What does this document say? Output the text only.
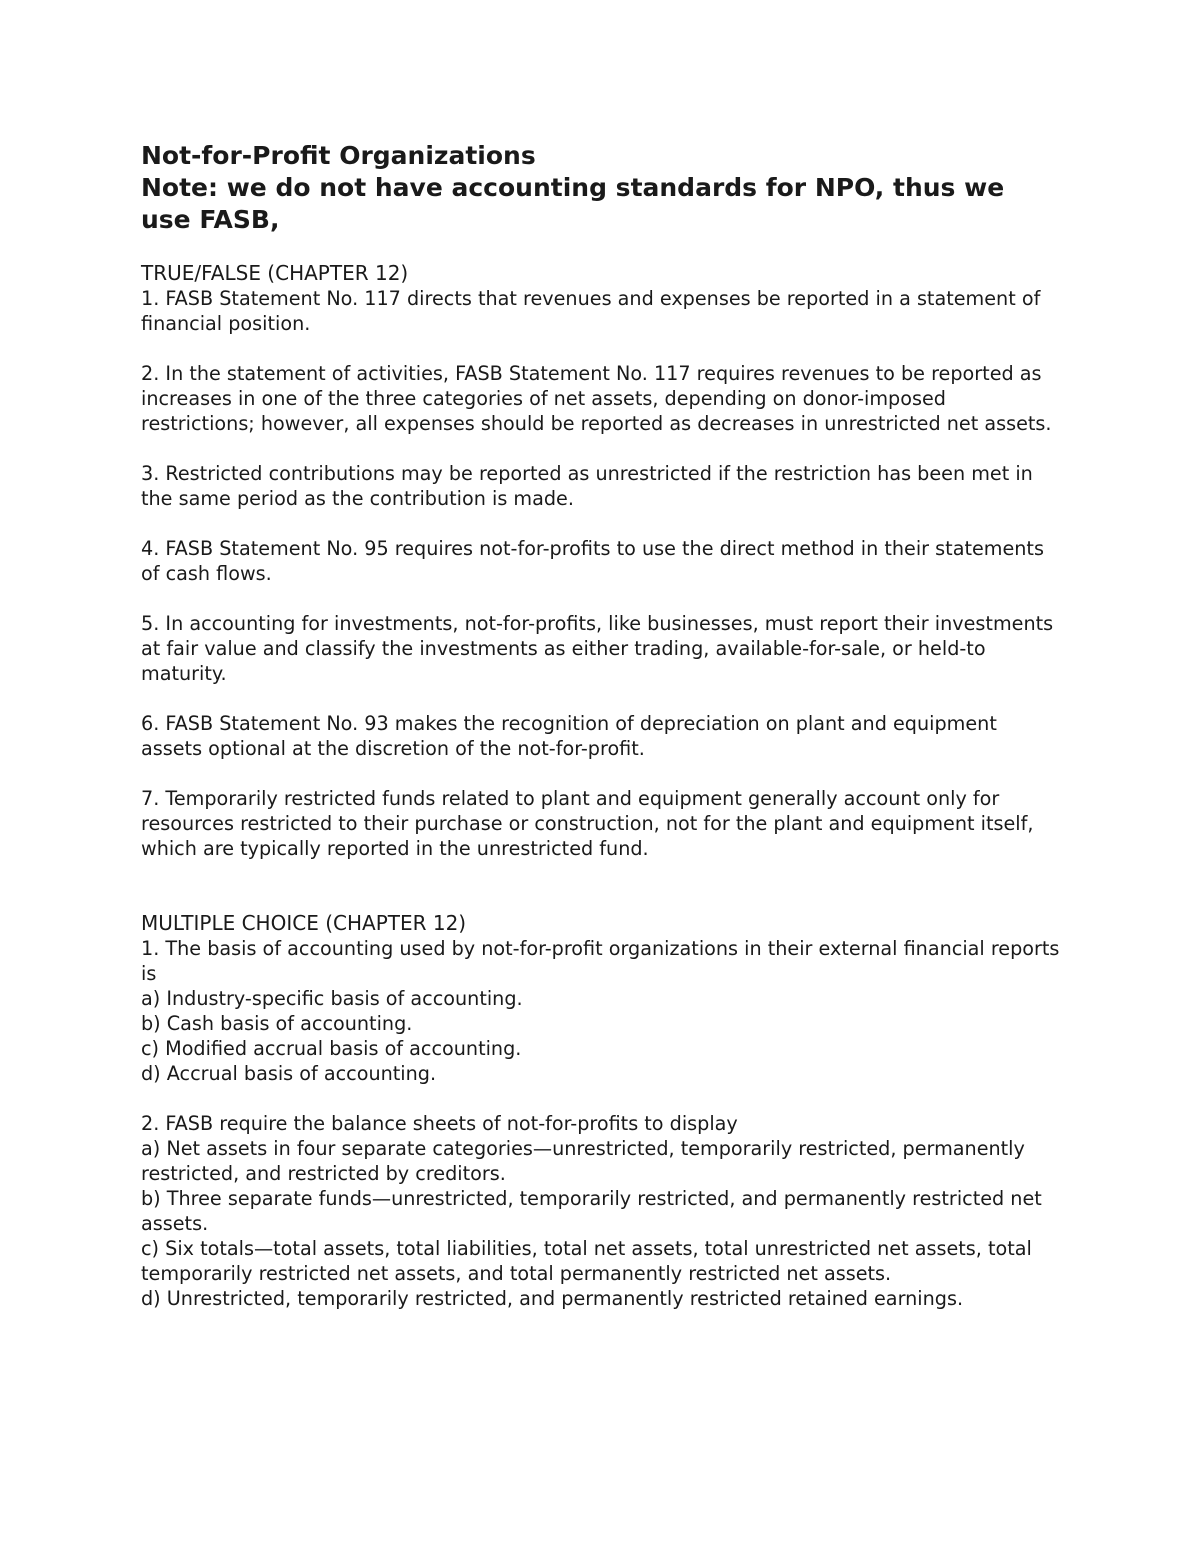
Not-for-Profit Organizations
Note: we do not have accounting standards for NPO, thus we use FASB,
TRUE/FALSE (CHAPTER 12)

1. FASB Statement No. 117 directs that revenues and expenses be reported in a statement of financial position.

2. In the statement of activities, FASB Statement No. 117 requires revenues to be reported as increases in one of the three categories of net assets, depending on donor-imposed restrictions; however, all expenses should be reported as decreases in unrestricted net assets.

3. Restricted contributions may be reported as unrestricted if the restriction has been met in the same period as the contribution is made.

4. FASB Statement No. 95 requires not-for-profits to use the direct method in their statements of cash flows.

5. In accounting for investments, not-for-profits, like businesses, must report their investments at fair value and classify the investments as either trading, available-for-sale, or held-to maturity.

6. FASB Statement No. 93 makes the recognition of depreciation on plant and equipment assets optional at the discretion of the not-for-profit.

7. Temporarily restricted funds related to plant and equipment generally account only for resources restricted to their purchase or construction, not for the plant and equipment itself, which are typically reported in the unrestricted fund.

MULTIPLE CHOICE (CHAPTER 12)

1. The basis of accounting used by not-for-profit organizations in their external financial reports is

a) Industry-specific basis of accounting.

b) Cash basis of accounting.

c) Modified accrual basis of accounting.

d) Accrual basis of accounting.

2. FASB require the balance sheets of not-for-profits to display

a) Net assets in four separate categories—unrestricted, temporarily restricted, permanently restricted, and restricted by creditors.

b) Three separate funds—unrestricted, temporarily restricted, and permanently restricted net assets.

c) Six totals—total assets, total liabilities, total net assets, total unrestricted net assets, total temporarily restricted net assets, and total permanently restricted net assets.

d) Unrestricted, temporarily restricted, and permanently restricted retained earnings.
